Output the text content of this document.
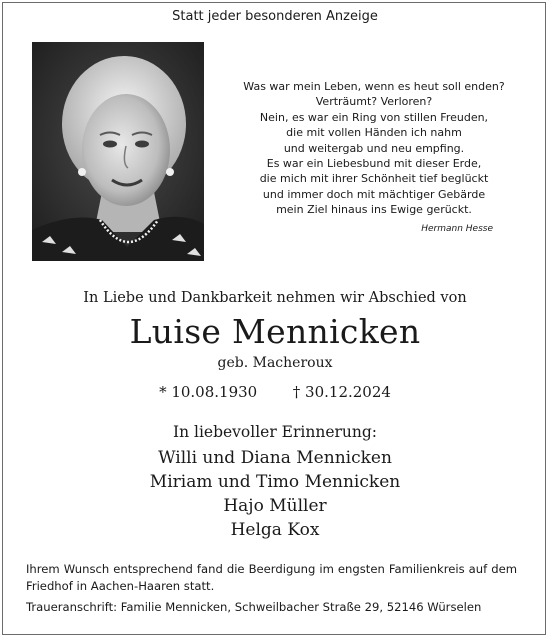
Statt jeder besonderen Anzeige
Was war mein Leben, wenn es heut soll enden?
Verträumt? Verloren?
Nein, es war ein Ring von stillen Freuden,
die mit vollen Händen ich nahm
und weitergab und neu empfing.
Es war ein Liebesbund mit dieser Erde,
die mich mit ihrer Schönheit tief beglückt
und immer doch mit mächtiger Gebärde
mein Ziel hinaus ins Ewige gerückt.
Hermann Hesse
In Liebe und Dankbarkeit nehmen wir Abschied von
Luise Mennicken
geb. Macheroux
* 10.08.1930 † 30.12.2024
In liebevoller Erinnerung:
Willi und Diana Mennicken
Miriam und Timo Mennicken
Hajo Müller
Helga Kox
Ihrem Wunsch entsprechend fand die Beerdigung im engsten Familienkreis auf dem Friedhof in Aachen-Haaren statt.
Traueranschrift: Familie Mennicken, Schweilbacher Straße 29, 52146 Würselen
